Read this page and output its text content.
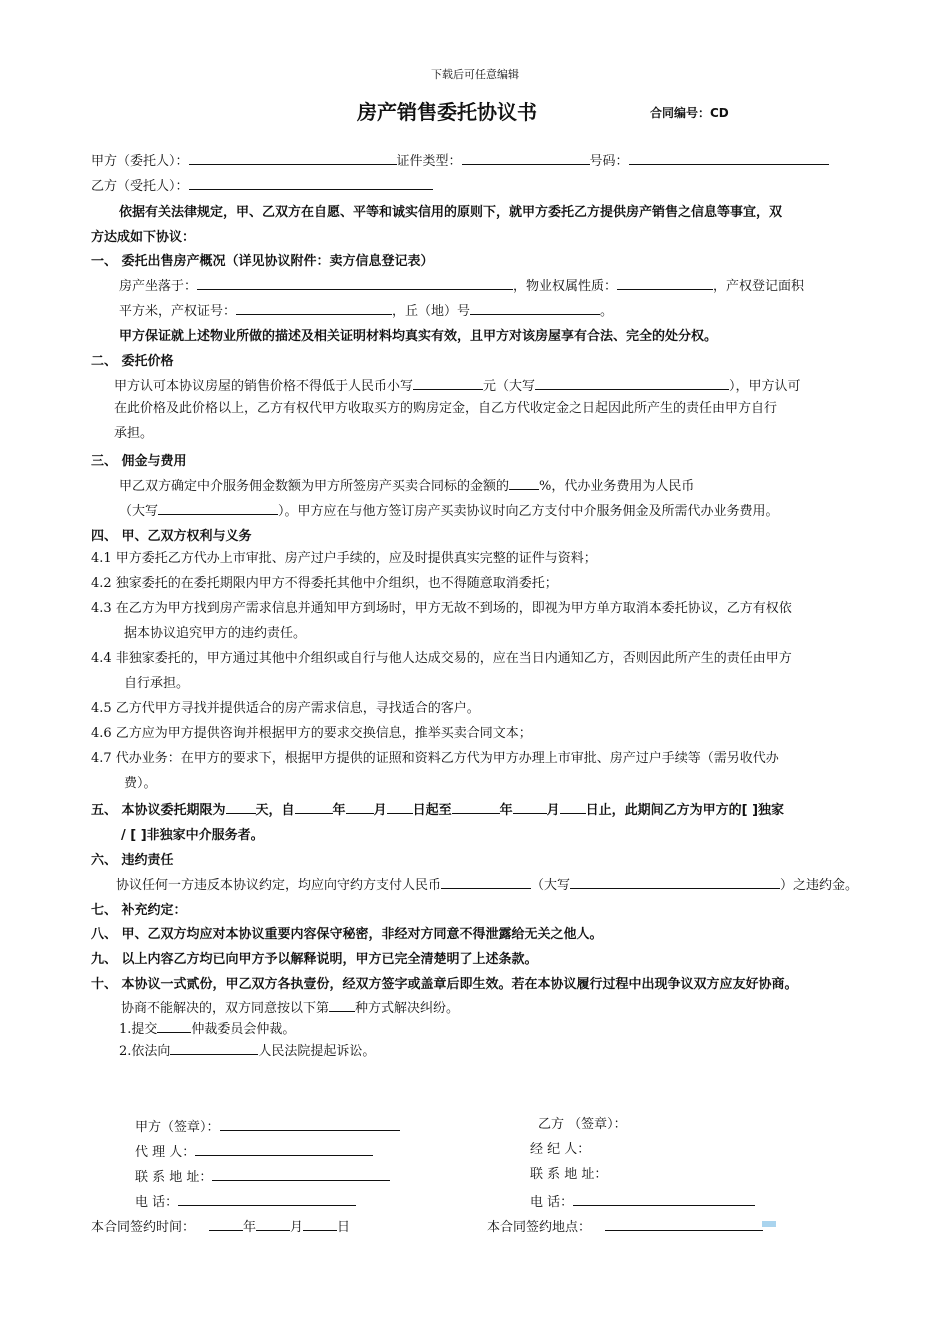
下载后可任意编辑
房产销售委托协议书	合同编号：CD
甲方（委托人）：	证件类型：	号码：
乙方（受托人）：
依据有关法律规定，甲、乙双方在自愿、平等和诚实信用的原则下，就甲方委托乙方提供房产销售之信息等事宜，双
方达成如下协议：
一、 委托出售房产概况（详见协议附件：卖方信息登记表）
房产坐落于：	，物业权属性质：	，产权登记面积
平方米，产权证号：	，丘（地）号	。
甲方保证就上述物业所做的描述及相关证明材料均真实有效，且甲方对该房屋享有合法、完全的处分权。
二、 委托价格
甲方认可本协议房屋的销售价格不得低于人民币小写	元（大写	），甲方认可
在此价格及此价格以上，乙方有权代甲方收取买方的购房定金，自乙方代收定金之日起因此所产生的责任由甲方自行
承担。
三、 佣金与费用
甲乙双方确定中介服务佣金数额为甲方所签房产买卖合同标的金额的 %，代办业务费用为人民币
（大写	）。甲方应在与他方签订房产买卖协议时向乙方支付中介服务佣金及所需代办业务费用。
四、 甲、乙双方权利与义务
4.1 甲方委托乙方代办上市审批、房产过户手续的，应及时提供真实完整的证件与资料；
4.2 独家委托的在委托期限内甲方不得委托其他中介组织，也不得随意取消委托；
4.3 在乙方为甲方找到房产需求信息并通知甲方到场时，甲方无故不到场的，即视为甲方单方取消本委托协议，乙方有权依
据本协议追究甲方的违约责任。
4.4 非独家委托的，甲方通过其他中介组织或自行与他人达成交易的，应在当日内通知乙方，否则因此所产生的责任由甲方
自行承担。
4.5 乙方代甲方寻找并提供适合的房产需求信息，寻找适合的客户。
4.6 乙方应为甲方提供咨询并根据甲方的要求交换信息，推举买卖合同文本；
4.7 代办业务：在甲方的要求下，根据甲方提供的证照和资料乙方代为甲方办理上市审批、房产过户手续等（需另收代办
费）。
五、 本协议委托期限为 天，自	年 月 日起至	年	月 日止，此期间乙方为甲方的[ ]独家
/ [ ]非独家中介服务者。
六、 违约责任
协议任何一方违反本协议约定，均应向守约方支付人民币	（大写	）之违约金。
七、 补充约定：
八、 甲、乙双方均应对本协议重要内容保守秘密，非经对方同意不得泄露给无关之他人。
九、 以上内容乙方均已向甲方予以解释说明，甲方已完全清楚明了上述条款。
十、 本协议一式贰份，甲乙双方各执壹份，经双方签字或盖章后即生效。若在本协议履行过程中出现争议双方应友好协商。
协商不能解决的，双方同意按以下第 种方式解决纠纷。
1.提交	仲裁委员会仲裁。
2.依法向	人民法院提起诉讼。
甲方（签章）：	乙方 （签章）：
代 理 人：	经 纪 人：
联 系 地 址：	联 系 地 址：
电 话：	电 话：
本合同签约时间：	年	月	日	本合同签约地点：
